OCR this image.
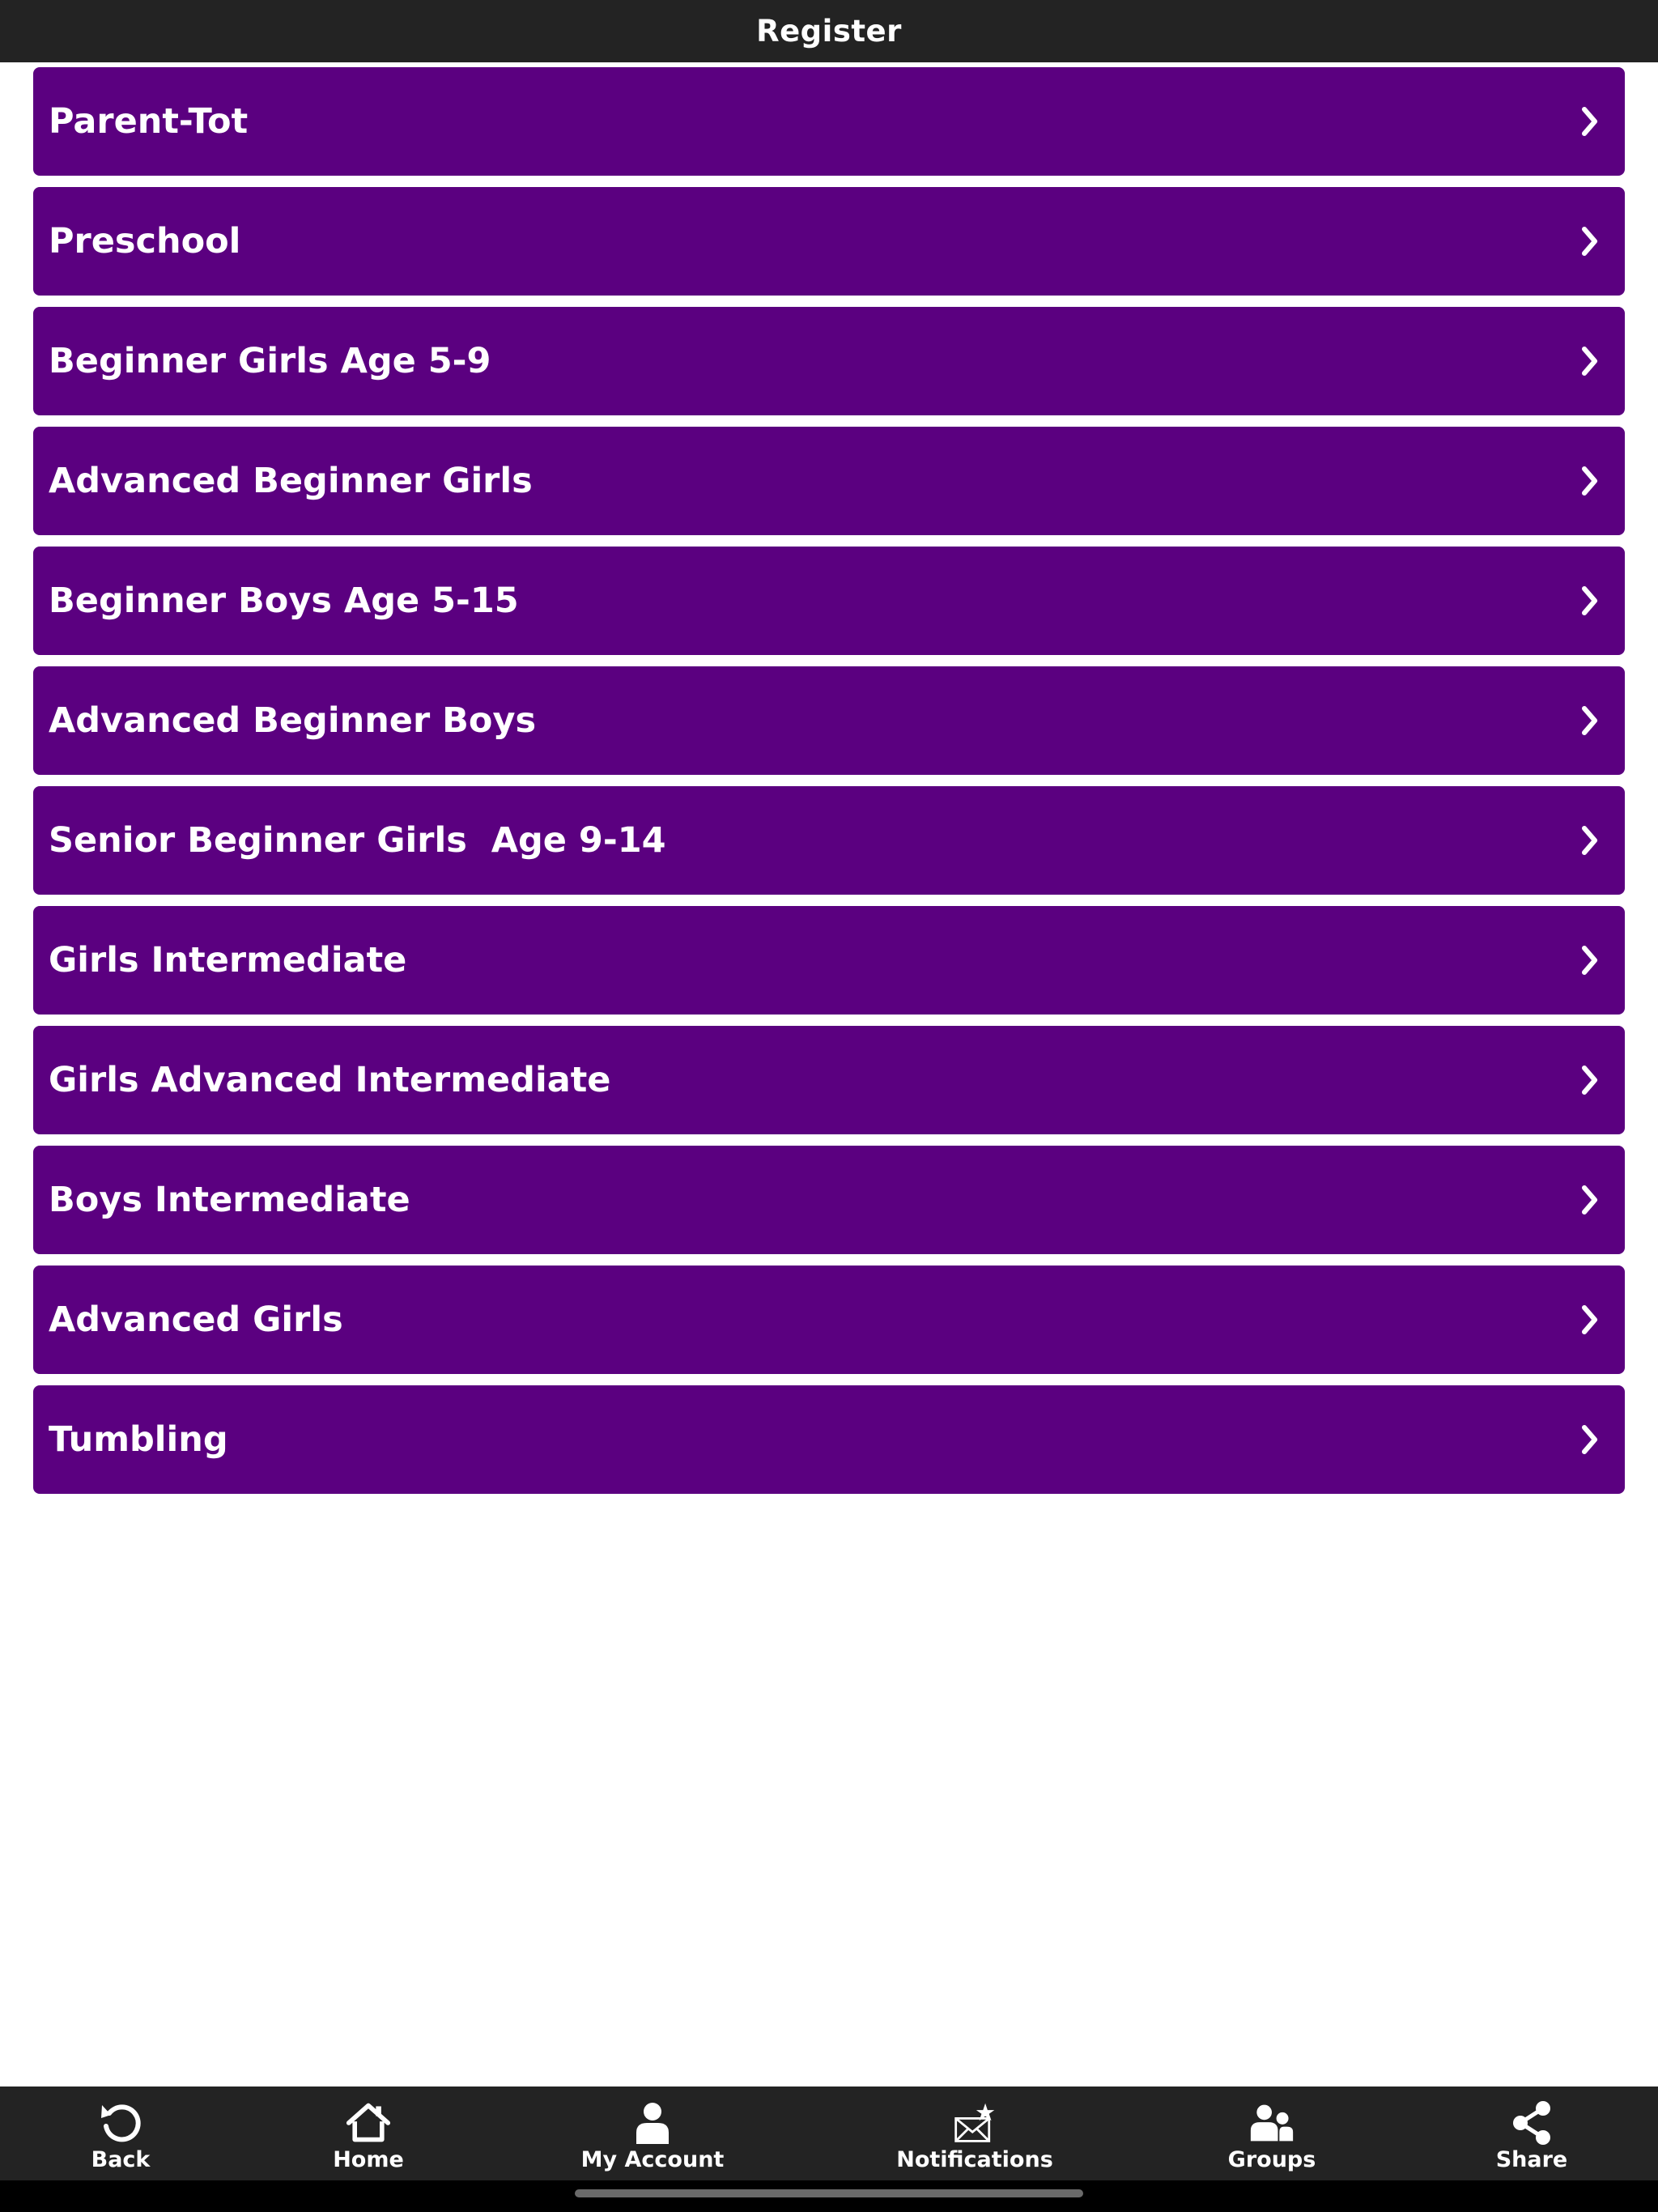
Register
Parent-Tot
Preschool
Beginner Girls Age 5-9
Advanced Beginner Girls
Beginner Boys Age 5-15
Advanced Beginner Boys
Senior Beginner Girls  Age 9-14
Girls Intermediate
Girls Advanced Intermediate
Boys Intermediate
Advanced Girls
Tumbling
Back	Home	My Account	Notifications	Groups	Share
